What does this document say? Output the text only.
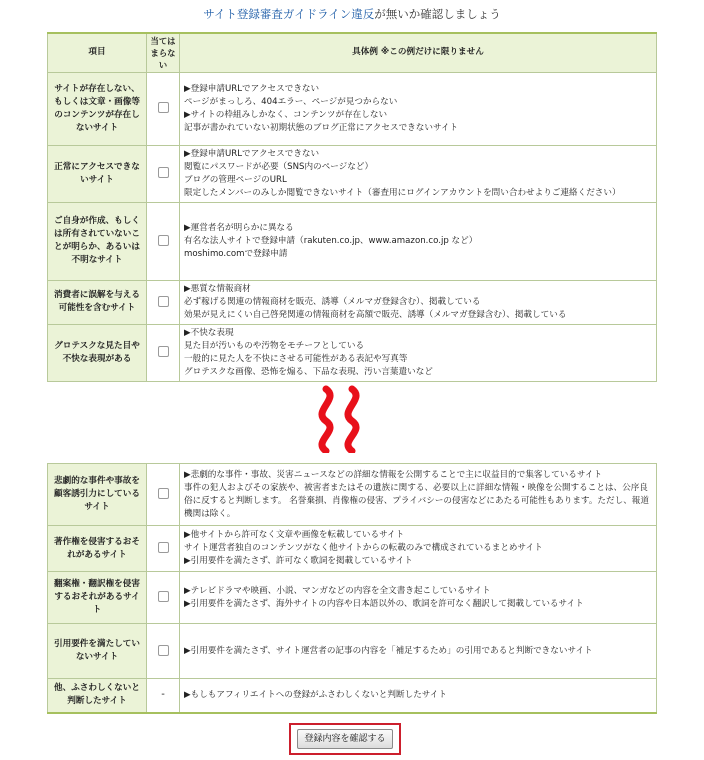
サイト登録審査ガイドライン違反が無いか確認しましょう
項目	当てはまらない	具体例 ※この例だけに限りません
サイトが存在しない、もしくは文章・画像等のコンテンツが存在しないサイト		▶登録申請URLでアクセスできない
ページがまっしろ、404エラー、ページが見つからない
▶サイトの枠組みしかなく、コンテンツが存在しない
記事が書かれていない初期状態のブログ正常にアクセスできないサイト

正常にアクセスできないサイト		▶登録申請URLでアクセスできない
閲覧にパスワードが必要（SNS内のページなど）
ブログの管理ページのURL
限定したメンバーのみしか閲覧できないサイト（審査用にログインアカウントを問い合わせよりご連絡ください）

ご自身が作成、もしくは所有されていないことが明らか、あるいは不明なサイト		▶運営者名が明らかに異なる
有名な法人サイトで登録申請（rakuten.co.jp、www.amazon.co.jp など）
moshimo.comで登録申請

消費者に誤解を与える可能性を含むサイト		▶悪質な情報商材
必ず稼げる関連の情報商材を販売、誘導（メルマガ登録含む）、掲載している
効果が見えにくい自己啓発関連の情報商材を高額で販売、誘導（メルマガ登録含む）、掲載している

グロテスクな見た目や不快な表現がある		▶不快な表現
見た目が汚いものや汚物をモチーフとしている
一般的に見た人を不快にさせる可能性がある表記や写真等
グロテスクな画像、恐怖を煽る、下品な表現、汚い言葉遣いなど
悲劇的な事件や事故を顧客誘引力にしているサイト		▶悲劇的な事件・事故、災害ニュースなどの詳細な情報を公開することで主に収益目的で集客しているサイト
事件の犯人およびその家族や、被害者またはその遺族に関する、必要以上に詳細な情報・映像を公開することは、公序良俗に反すると判断します。 名誉棄損、肖像権の侵害、プライバシーの侵害などにあたる可能性もあります。ただし、報道機関は除く。

著作権を侵害するおそれがあるサイト		▶他サイトから許可なく文章や画像を転載しているサイト
サイト運営者独自のコンテンツがなく他サイトからの転載のみで構成されているまとめサイト
▶引用要件を満たさず、許可なく歌詞を掲載しているサイト

翻案権・翻訳権を侵害するおそれがあるサイト		▶テレビドラマや映画、小説、マンガなどの内容を全文書き起こしているサイト
▶引用要件を満たさず、海外サイトの内容や日本語以外の、歌詞を許可なく翻訳して掲載しているサイト

引用要件を満たしていないサイト		▶引用要件を満たさず、サイト運営者の記事の内容を「補足するため」の引用であると判断できないサイト

他、ふさわしくないと判断したサイト	-	▶もしもアフィリエイトへの登録がふさわしくないと判断したサイト
登録内容を確認する
